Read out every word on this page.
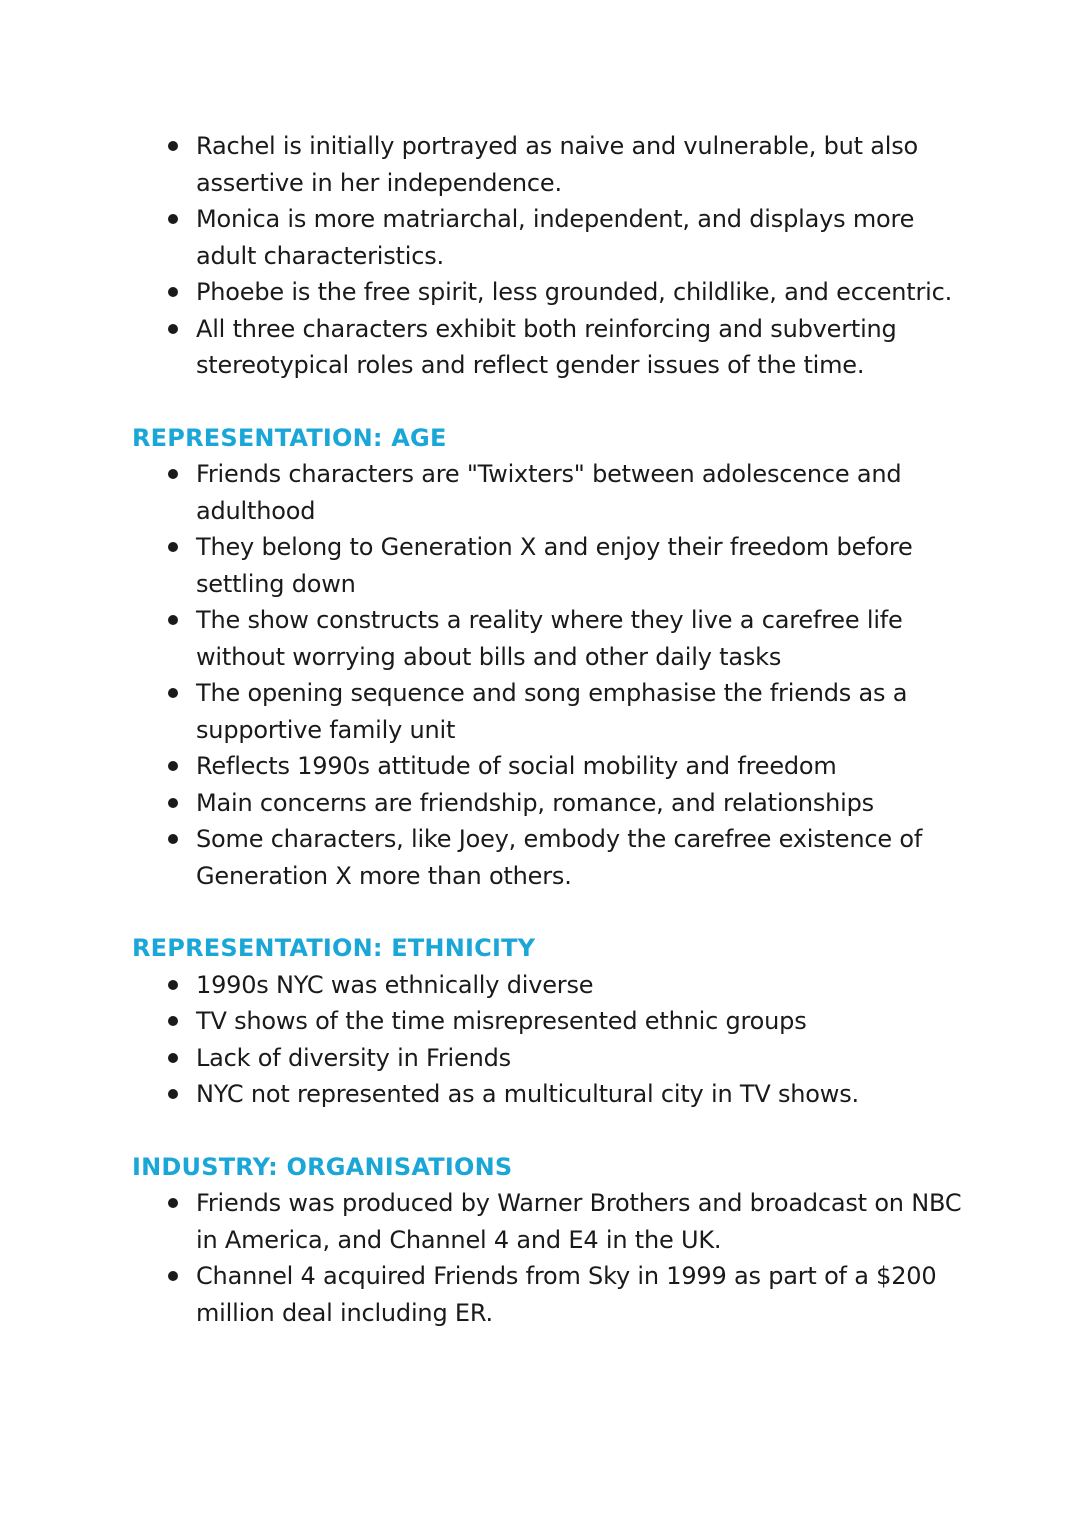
Rachel is initially portrayed as naive and vulnerable, but also assertive in her independence.
Monica is more matriarchal, independent, and displays more adult characteristics.
Phoebe is the free spirit, less grounded, childlike, and eccentric.
All three characters exhibit both reinforcing and subverting stereotypical roles and reflect gender issues of the time.
REPRESENTATION: AGE
Friends characters are "Twixters" between adolescence and adulthood
They belong to Generation X and enjoy their freedom before settling down
The show constructs a reality where they live a carefree life without worrying about bills and other daily tasks
The opening sequence and song emphasise the friends as a supportive family unit
Reflects 1990s attitude of social mobility and freedom
Main concerns are friendship, romance, and relationships
Some characters, like Joey, embody the carefree existence of Generation X more than others.
REPRESENTATION: ETHNICITY
1990s NYC was ethnically diverse
TV shows of the time misrepresented ethnic groups
Lack of diversity in Friends
NYC not represented as a multicultural city in TV shows.
INDUSTRY: ORGANISATIONS
Friends was produced by Warner Brothers and broadcast on NBC in America, and Channel 4 and E4 in the UK.
Channel 4 acquired Friends from Sky in 1999 as part of a $200 million deal including ER.
